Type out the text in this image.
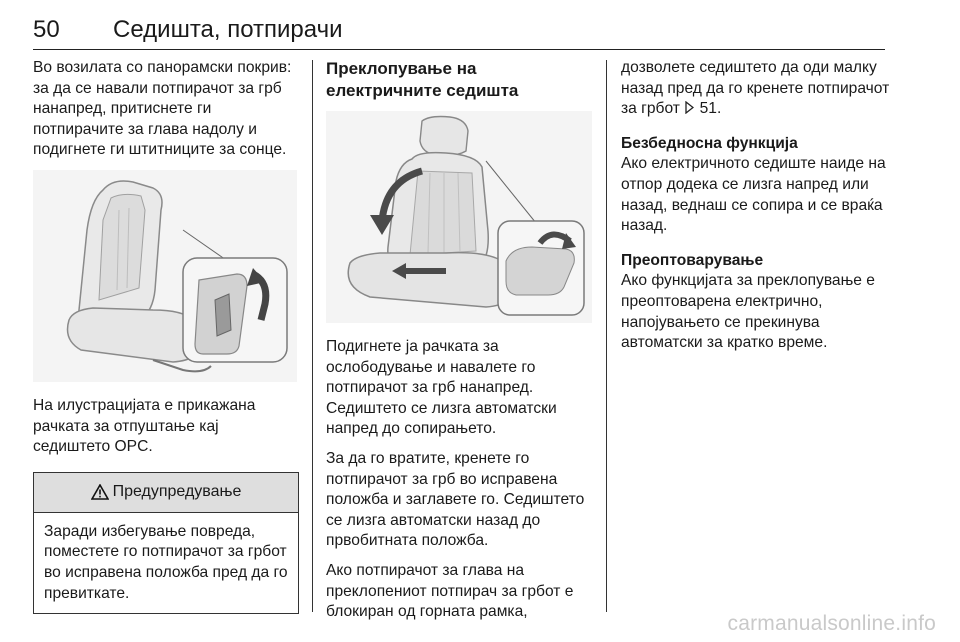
50 Седишта, потпирачи

Во возилата со панорамски покрив: за да се навали потпирачот за грб нанапред, притиснете ги потпирачите за глава надолу и подигнете ги штитниците за сонце.

На илустрацијата е прикажана рачката за отпуштање кај седиштето OPC.

Предупредување
Заради избегување повреда, поместете го потпирачот за грбот во исправена положба пред да го превиткате.
Преклопување на
електричните седишта

Подигнете ја рачката за ослободување и навалете го потпирачот за грб нанапред. Седиштето се лизга автоматски напред до сопирањето.

За да го вратите, кренете го потпирачот за грб во исправена положба и заглавете го. Седиштето се лизга автоматски назад до првобитната положба.

Ако потпирачот за глава на преклопениот потпирач за грбот е блокиран од горната рамка,

дозволете седиштето да оди малку назад пред да го кренете потпирачот за грбот 51.

Безбедносна функција

Ако електричното седиште наиде на отпор додека се лизга напред или назад, веднаш се сопира и се враќа назад.

Преоптоварување

Ако функцијата за преклопување е преоптоварена електрично, напојувањето се прекинува автоматски за кратко време.

carmanualsonline.info
